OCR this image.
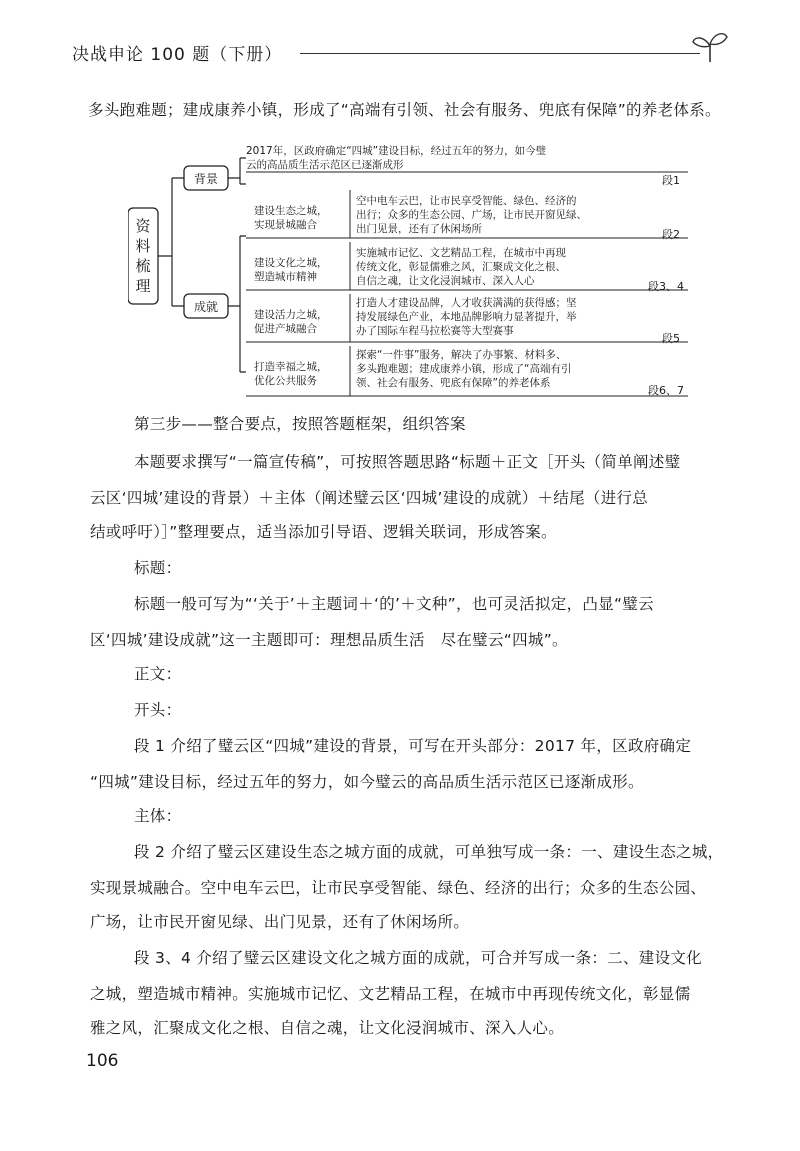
决战申论 100 题（下册）
多头跑难题；建成康养小镇，形成了“高端有引领、社会有服务、兜底有保障”的养老体系。
资
料
梳
理
背景
2017年，区政府确定“四城”建设目标，经过五年的努力，如今璧
云的高品质生活示范区已逐渐成形
段1
成就
建设生态之城，
实现景城融合
空中电车云巴，让市民享受智能、绿色、经济的
出行；众多的生态公园、广场，让市民开窗见绿、
出门见景，还有了休闲场所	段2
建设文化之城，
塑造城市精神
实施城市记忆、文艺精品工程，在城市中再现
传统文化，彰显儒雅之风，汇聚成文化之根、
自信之魂，让文化浸润城市、深入人心	段3、4
建设活力之城，
促进产城融合
打造人才建设品牌，人才收获满满的获得感；坚
持发展绿色产业，本地品牌影响力显著提升，举
办了国际车程马拉松赛等大型赛事
段5
打造幸福之城，
优化公共服务
探索“一件事”服务，解决了办事繁、材料多、
多头跑难题；建成康养小镇，形成了“高端有引
领、社会有服务、兜底有保障”的养老体系
段6、7
第三步——整合要点，按照答题框架，组织答案
本题要求撰写“一篇宣传稿”，可按照答题思路“标题＋正文［开头（简单阐述璧
云区‘四城’建设的背景）＋主体（阐述璧云区‘四城’建设的成就）＋结尾（进行总
结或呼吁）］”整理要点，适当添加引导语、逻辑关联词，形成答案。
标题：
标题一般可写为“‘关于’＋主题词＋‘的’＋文种”，也可灵活拟定，凸显“璧云
区‘四城’建设成就”这一主题即可：理想品质生活　尽在璧云“四城”。
正文：
开头：
段 1 介绍了璧云区“四城”建设的背景，可写在开头部分：2017 年，区政府确定
“四城”建设目标，经过五年的努力，如今璧云的高品质生活示范区已逐渐成形。
主体：
段 2 介绍了璧云区建设生态之城方面的成就，可单独写成一条：一、建设生态之城，
实现景城融合。空中电车云巴，让市民享受智能、绿色、经济的出行；众多的生态公园、
广场，让市民开窗见绿、出门见景，还有了休闲场所。
段 3、4 介绍了璧云区建设文化之城方面的成就，可合并写成一条：二、建设文化
之城，塑造城市精神。实施城市记忆、文艺精品工程，在城市中再现传统文化，彰显儒
雅之风，汇聚成文化之根、自信之魂，让文化浸润城市、深入人心。
106
